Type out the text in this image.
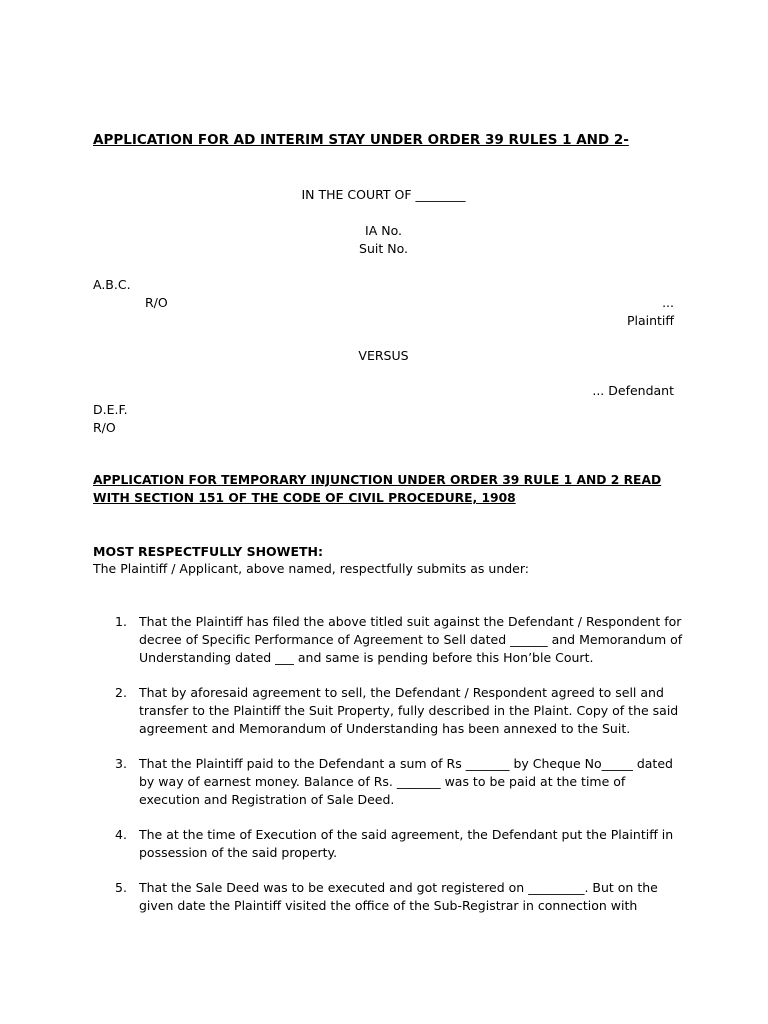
APPLICATION FOR AD INTERIM STAY UNDER ORDER 39 RULES 1 AND 2-
IN THE COURT OF ________
IA No.
Suit No.
A.B.C.
R/O	...
Plaintiff
VERSUS
... Defendant
D.E.F.
R/O
APPLICATION FOR TEMPORARY INJUNCTION UNDER ORDER 39 RULE 1 AND 2 READ WITH SECTION 151 OF THE CODE OF CIVIL PROCEDURE, 1908
MOST RESPECTFULLY SHOWETH:
The Plaintiff / Applicant, above named, respectfully submits as under:
1. That the Plaintiff has filed the above titled suit against the Defendant / Respondent for decree of Specific Performance of Agreement to Sell dated ______ and Memorandum of Understanding dated ___ and same is pending before this Hon’ble Court.
2. That by aforesaid agreement to sell, the Defendant / Respondent agreed to sell and transfer to the Plaintiff the Suit Property, fully described in the Plaint. Copy of the said agreement and Memorandum of Understanding has been annexed to the Suit.
3. That the Plaintiff paid to the Defendant a sum of Rs _______ by Cheque No_____ dated by way of earnest money. Balance of Rs. _______ was to be paid at the time of execution and Registration of Sale Deed.
4. The at the time of Execution of the said agreement, the Defendant put the Plaintiff in possession of the said property.
5. That the Sale Deed was to be executed and got registered on _________. But on the given date the Plaintiff visited the office of the Sub-Registrar in connection with
